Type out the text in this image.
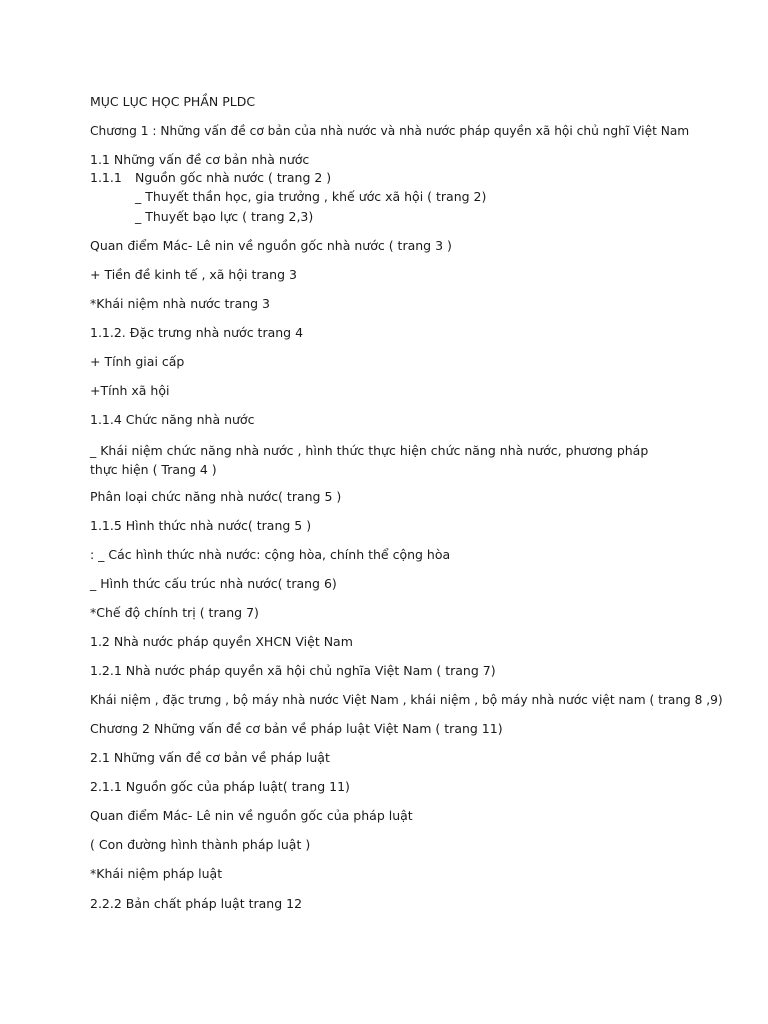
MỤC LỤC HỌC PHẦN PLDC
Chương 1 : Những vấn đề cơ bản của nhà nước và nhà nước pháp quyền xã hội chủ nghĩ Việt Nam
1.1 Những vấn đề cơ bản nhà nước
1.1.1 Nguồn gốc nhà nước ( trang 2 )
_ Thuyết thần học, gia trưởng , khế ước xã hội ( trang 2)
_ Thuyết bạo lực ( trang 2,3)
Quan điểm Mác- Lê nin về nguồn gốc nhà nước ( trang 3 )
+ Tiền đề kinh tế , xã hội trang 3
*Khái niệm nhà nước trang 3
1.1.2. Đặc trưng nhà nước trang 4
+ Tính giai cấp
+Tính xã hội
1.1.4 Chức năng nhà nước
_ Khái niệm chức năng nhà nước , hình thức thực hiện chức năng nhà nước, phương pháp thực hiện ( Trang 4 )
Phân loại chức năng nhà nước( trang 5 )
1.1.5 Hình thức nhà nước( trang 5 )
: _ Các hình thức nhà nước: cộng hòa, chính thể cộng hòa
_ Hình thức cấu trúc nhà nước( trang 6)
*Chế độ chính trị ( trang 7)
1.2 Nhà nước pháp quyền XHCN Việt Nam
1.2.1 Nhà nước pháp quyền xã hội chủ nghĩa Việt Nam ( trang 7)
Khái niệm , đặc trưng , bộ máy nhà nước Việt Nam , khái niệm , bộ máy nhà nước việt nam ( trang 8 ,9)
Chương 2 Những vấn đề cơ bản về pháp luật Việt Nam ( trang 11)
2.1 Những vấn đề cơ bản về pháp luật
2.1.1 Nguồn gốc của pháp luật( trang 11)
Quan điểm Mác- Lê nin về nguồn gốc của pháp luật
( Con đường hình thành pháp luật )
*Khái niệm pháp luật
2.2.2 Bản chất pháp luật trang 12
